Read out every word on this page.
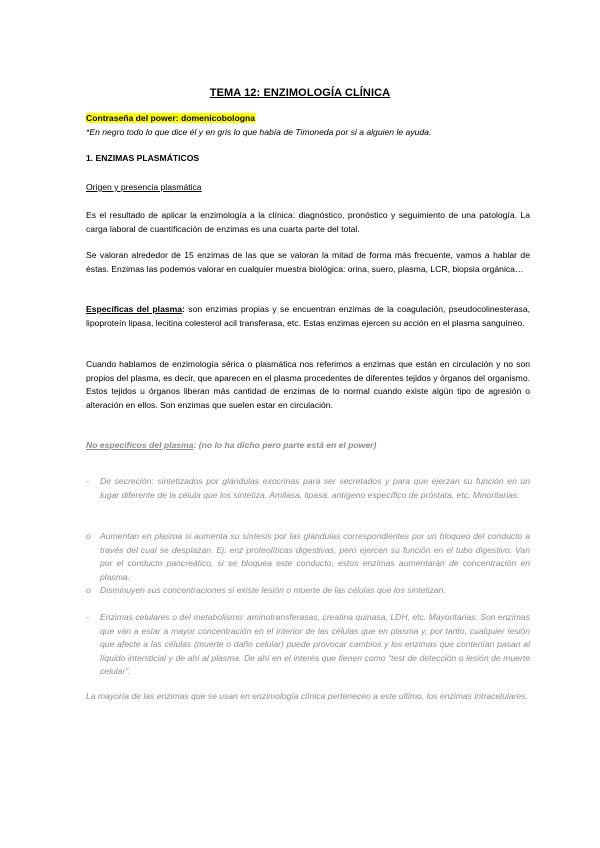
TEMA 12: ENZIMOLOGÍA CLÍNICA
Contraseña del power: domenicobologna
*En negro todo lo que dice él y en gris lo que había de Timoneda por si a alguien le ayuda.
1. ENZIMAS PLASMÁTICOS
Origen y presencia plasmática
Es el resultado de aplicar la enzimología a la clínica: diagnóstico, pronóstico y seguimiento de una patología. La carga laboral de cuantificación de enzimas es una cuarta parte del total.
Se valoran alrededor de 15 enzimas de las que se valoran la mitad de forma más frecuente, vamos a hablar de éstas. Enzimas las podemos valorar en cualquier muestra biológica: orina, suero, plasma, LCR, biopsia orgánica…
Específicas del plasma: son enzimas propias y se encuentran enzimas de la coagulación, pseudocolinesterasa, lipoproteín lipasa, lecitina colesterol acil transferasa, etc. Estas enzimas ejercen su acción en el plasma sanguíneo.
Cuando hablamos de enzimología sérica o plasmática nos referimos a enzimas que están en circulación y no son propios del plasma, es decir, que aparecen en el plasma procedentes de diferentes tejidos y órganos del organismo. Estos tejidos u órganos liberan más cantidad de enzimas de lo normal cuando existe algún tipo de agresión o alteración en ellos. Son enzimas que suelen estar en circulación.
No específicos del plasma: (no lo ha dicho pero parte está en el power)
-	De secreción: sintetizados por glándulas exocrinas para ser secretados y para que ejerzan su función en un lugar diferente de la célula que los sintetiza. Amilasa, lipasa, antígeno específico de próstata, etc. Minoritarias.
o	Aumentan en plasma si aumenta su síntesis por las glándulas correspondientes por un bloqueo del conducto a través del cual se desplazan. Ej: enz proteolíticas digestivas, pero ejercen su función en el tubo digestivo. Van por el conducto pancreático, si se bloquea este conducto, estos enzimas aumentarán de concentración en plasma.
o	Disminuyen sus concentraciones si existe lesión o muerte de las células que los sintetizan.
-	Enzimas celulares o del metabolismo: aminotransferasas, creatina quinasa, LDH, etc. Mayoritarias. Son enzimas que van a estar a mayor concentración en el interior de las células que en plasma y, por tanto, cualquier lesión que afecte a las células (muerte o daño celular) puede provocar cambios y los enzimas que contenían pasan al líquido intersticial y de ahí al plasma. De ahí en el interés que tienen como “test de detección o lesión de muerte celular”.
La mayoría de las enzimas que se usan en enzimología clínica pertenecen a este ultimo, los enzimas intracelulares.
